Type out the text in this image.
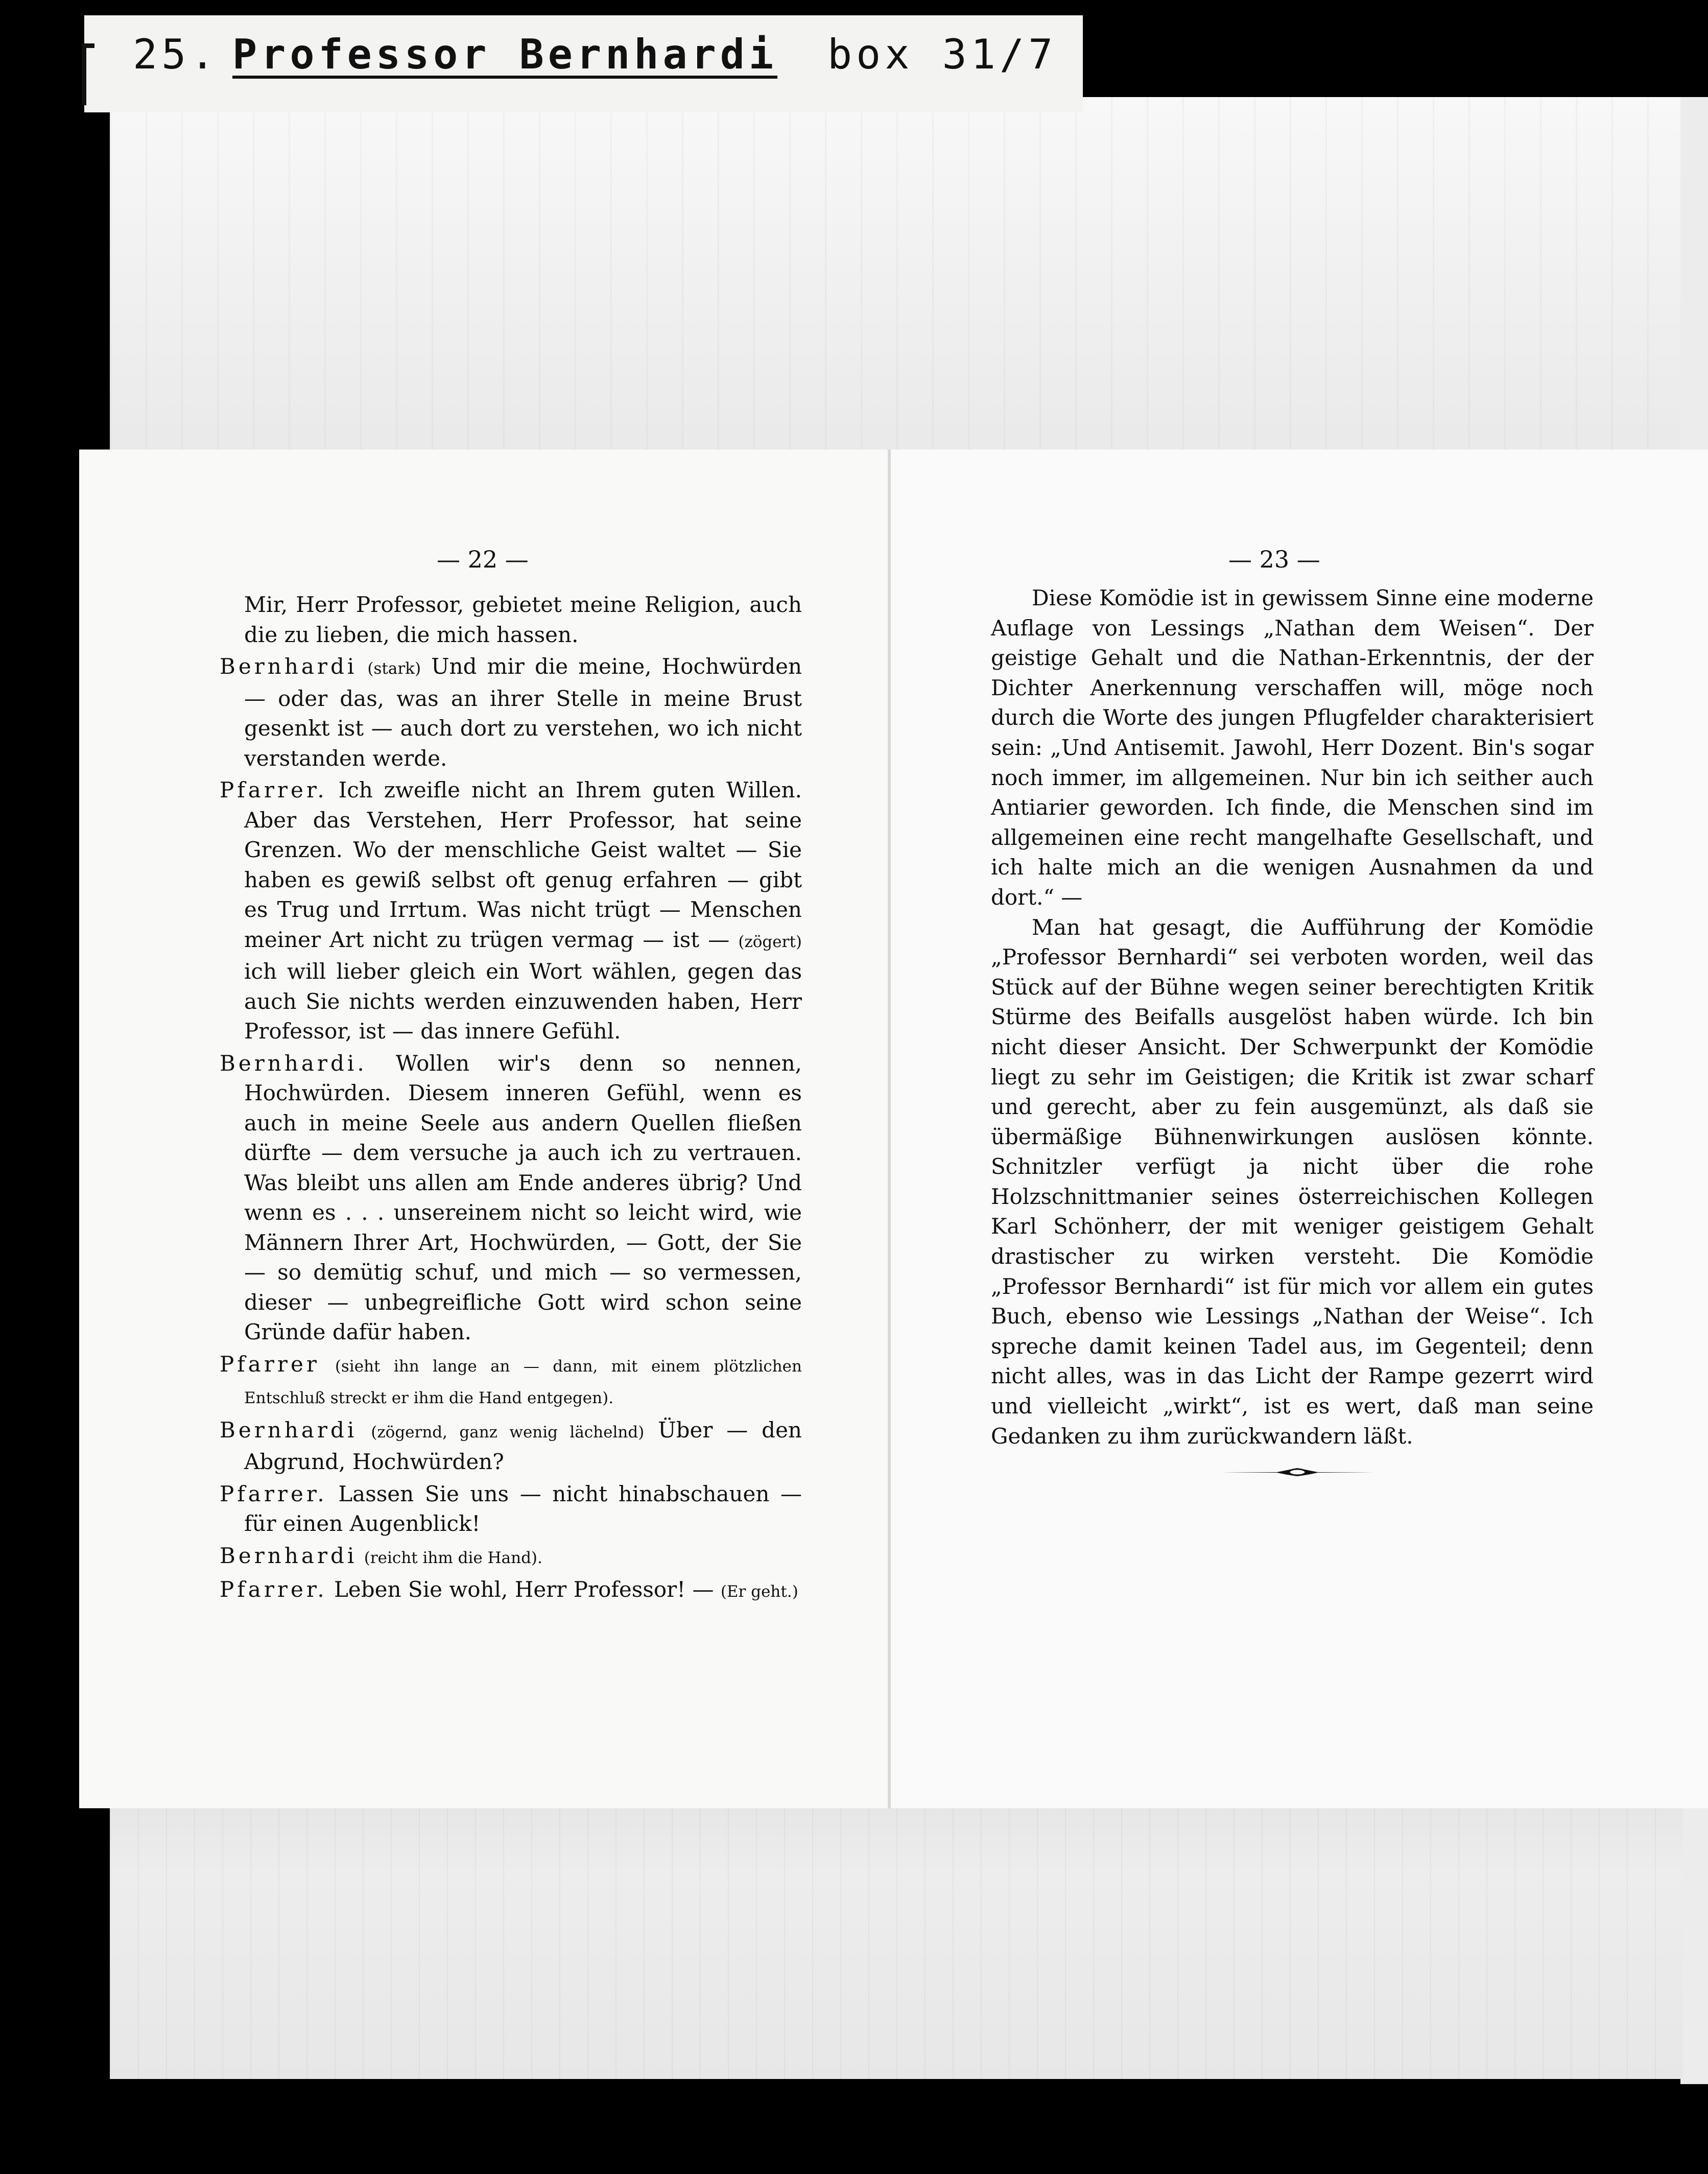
25. Professor Bernhardi box 31/7
— 22 —	— 23 —

Mir, Herr Professor, gebietet meine Religion, auch die zu lieben, die mich hassen.

Bernhardi (stark) Und mir die meine, Hochwürden — oder das, was an ihrer Stelle in meine Brust gesenkt ist — auch dort zu verstehen, wo ich nicht verstanden werde.

Pfarrer. Ich zweifle nicht an Ihrem guten Willen. Aber das Verstehen, Herr Professor, hat seine Grenzen. Wo der menschliche Geist waltet — Sie haben es gewiß selbst oft genug erfahren — gibt es Trug und Irrtum. Was nicht trügt — Menschen meiner Art nicht zu trügen vermag — ist — (zögert) ich will lieber gleich ein Wort wählen, gegen das auch Sie nichts werden einzuwenden haben, Herr Professor, ist — das innere Gefühl.

Bernhardi. Wollen wir's denn so nennen, Hochwürden. Diesem inneren Gefühl, wenn es auch in meine Seele aus andern Quellen fließen dürfte — dem versuche ja auch ich zu vertrauen. Was bleibt uns allen am Ende anderes übrig? Und wenn es . . . unsereinem nicht so leicht wird, wie Männern Ihrer Art, Hochwürden, — Gott, der Sie — so demütig schuf, und mich — so vermessen, dieser — unbegreifliche Gott wird schon seine Gründe dafür haben.

Pfarrer (sieht ihn lange an — dann, mit einem plötzlichen Entschluß streckt er ihm die Hand entgegen).

Bernhardi (zögernd, ganz wenig lächelnd) Über — den Abgrund, Hochwürden?

Pfarrer. Lassen Sie uns — nicht hinabschauen — für einen Augenblick!

Bernhardi (reicht ihm die Hand).

Pfarrer. Leben Sie wohl, Herr Professor! — (Er geht.)

Diese Komödie ist in gewissem Sinne eine moderne Auflage von Lessings „Nathan dem Weisen“. Der geistige Gehalt und die Nathan-Erkenntnis, der der Dichter Anerkennung verschaffen will, möge noch durch die Worte des jungen Pflugfelder charakterisiert sein: „Und Antisemit. Jawohl, Herr Dozent. Bin's sogar noch immer, im allgemeinen. Nur bin ich seither auch Antiarier geworden. Ich finde, die Menschen sind im allgemeinen eine recht mangelhafte Gesellschaft, und ich halte mich an die wenigen Ausnahmen da und dort.“ —

Man hat gesagt, die Aufführung der Komödie „Professor Bernhardi“ sei verboten worden, weil das Stück auf der Bühne wegen seiner berechtigten Kritik Stürme des Beifalls ausgelöst haben würde. Ich bin nicht dieser Ansicht. Der Schwerpunkt der Komödie liegt zu sehr im Geistigen; die Kritik ist zwar scharf und gerecht, aber zu fein ausgemünzt, als daß sie übermäßige Bühnenwirkungen auslösen könnte. Schnitzler verfügt ja nicht über die rohe Holzschnittmanier seines österreichischen Kollegen Karl Schönherr, der mit weniger geistigem Gehalt drastischer zu wirken versteht. Die Komödie „Professor Bernhardi“ ist für mich vor allem ein gutes Buch, ebenso wie Lessings „Nathan der Weise“. Ich spreche damit keinen Tadel aus, im Gegenteil; denn nicht alles, was in das Licht der Rampe gezerrt wird und vielleicht „wirkt“, ist es wert, daß man seine Gedanken zu ihm zurückwandern läßt.
